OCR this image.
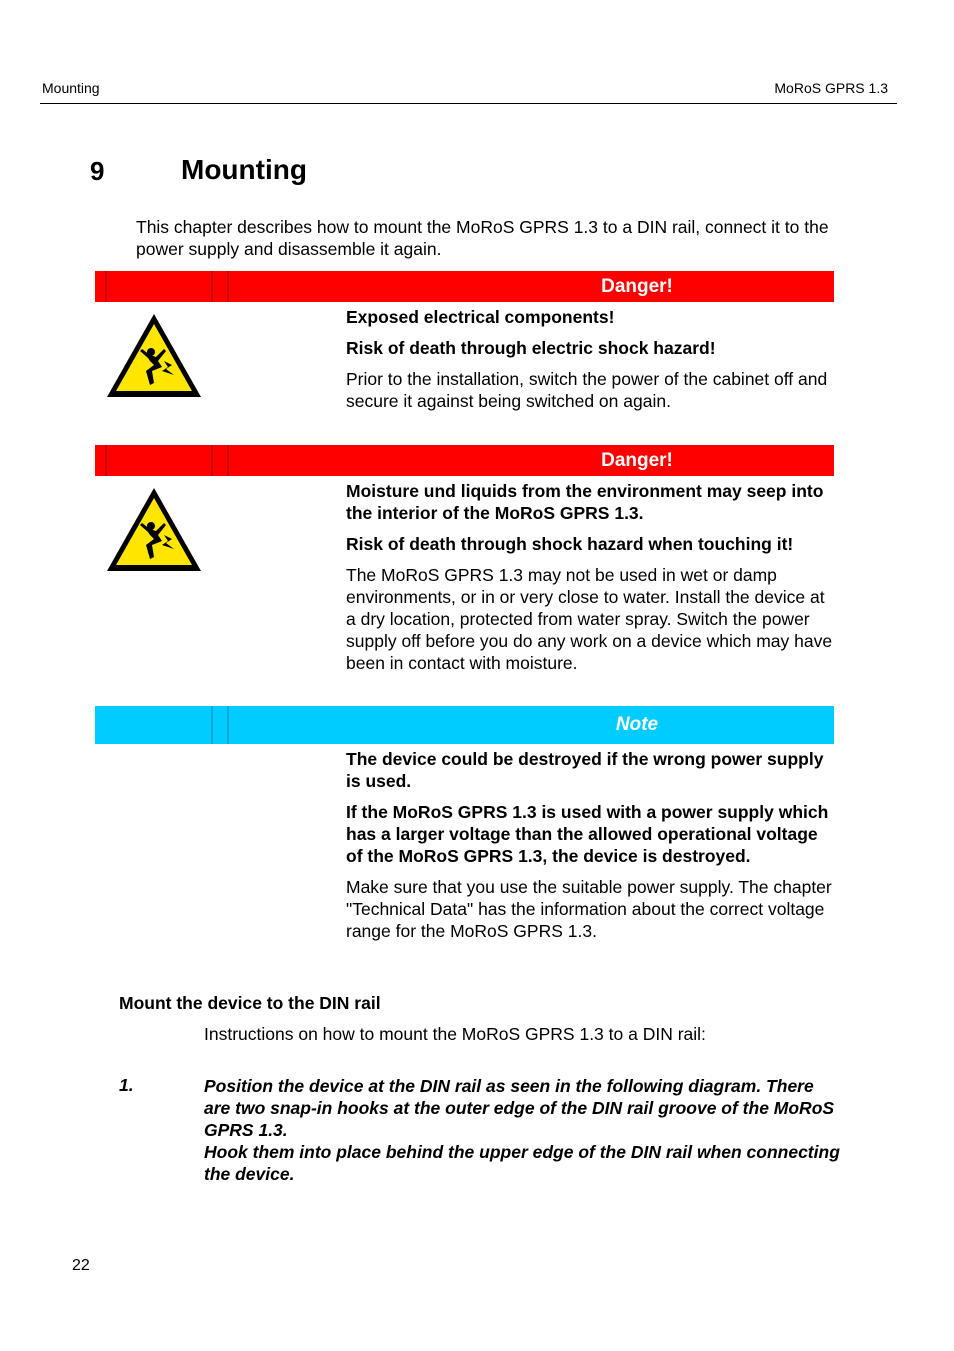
Mounting	MoRoS GPRS 1.3
9	Mounting
This chapter describes how to mount the MoRoS GPRS 1.3 to a DIN rail, connect it to the power supply and disassemble it again.
Danger!

Exposed electrical components!

Risk of death through electric shock hazard!

Prior to the installation, switch the power of the cabinet off and secure it against being switched on again.

Danger!

Moisture und liquids from the environment may seep into the interior of the MoRoS GPRS 1.3.

Risk of death through shock hazard when touching it!

The MoRoS GPRS 1.3 may not be used in wet or damp environments, or in or very close to water. Install the device at a dry location, protected from water spray. Switch the power supply off before you do any work on a device which may have been in contact with moisture.

Note

The device could be destroyed if the wrong power supply is used.

If the MoRoS GPRS 1.3 is used with a power supply which has a larger voltage than the allowed operational voltage of the MoRoS GPRS 1.3, the device is destroyed.

Make sure that you use the suitable power supply. The chapter "Technical Data" has the information about the correct voltage range for the MoRoS GPRS 1.3.

Mount the device to the DIN rail
Instructions on how to mount the MoRoS GPRS 1.3 to a DIN rail:
1.	Position the device at the DIN rail as seen in the following diagram. There are two snap-in hooks at the outer edge of the DIN rail groove of the MoRoS GPRS 1.3.
Hook them into place behind the upper edge of the DIN rail when connecting the device.
22
